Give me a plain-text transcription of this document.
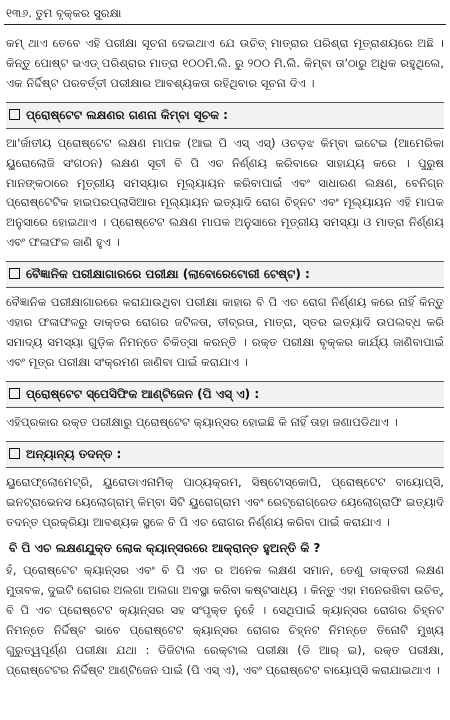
୧୩୬. ତୁମ ବୃକ୍କର ସୁରକ୍ଷା

କମ୍ ଥାଏ ତେବେ ଏହି ପରୀକ୍ଷା ସୂଚନା ଦେଇଥାଏ ଯେ ଉଚିତ୍ ମାତ୍ରାର ପରିଶ୍ରା ମୂତ୍ରାଶୟରେ ଅଛି । କିନ୍ତୁ ପୋଷ୍ଟ ଭଏଡ୍ ପରିଶ୍ରାର ମାତ୍ରା ୧୦୦ମି.ଲି. ରୁ ୨୦୦ ମି.ଲି. କିମ୍ବା ତା'ଠାରୁ ଅଧିକ ରହୁଥିଲେ, ଏକ ନିର୍ଦ୍ଦିଷ୍ଟ ପରବର୍ତ୍ତୀ ପରୀକ୍ଷାର ଆବଶ୍ୟକତା ରହିଥିବାର ସୂଚନା ଦିଏ ।

ପ୍ରୋଷ୍ଟେଟ ଲକ୍ଷଣର ଗଣନା କିମ୍ବା ସୂଚକ :

ଆ'ର୍ଜାତୀୟ ପ୍ରୋଷ୍ଟେଟ ଲକ୍ଷଣ ମାପକ (ଆଇ ପି ଏସ୍ ଏସ୍) ଓଚଡ଼ଝ କିମ୍ବା ଇଟେଇ (ଆମେରିକା ୟୁରୋଲୋଜି ସଂଗଠନ) ଲକ୍ଷଣ ସୂଚୀ ବି ପି ଏଚ ନିର୍ଣ୍ଣୟ କରିବାରେ ସାହାଯ୍ୟ କରେ । ପୁରୁଷ ମାନଙ୍କଠାରେ ମୂତ୍ରୀୟ ସମସ୍ୟାର ମୂଲ୍ୟାୟନ କରିବାପାଇଁ ଏବଂ ସାଧାରଣ ଲକ୍ଷଣ, ବେନିଗ୍ନ ପ୍ରୋଷ୍ଟେଟିକ ହାଇପରପ୍ଲାସିଆର ମୂଲ୍ୟାୟନ ଇତ୍ୟାଦି ରୋଗ ଚିହ୍ନଟ ଏବଂ ମୂଲ୍ୟାୟନ ଏହି ମାପକ ଅନୁସାରେ ହୋଇଥାଏ । ପ୍ରୋଷ୍ଟେଟ ଲକ୍ଷଣ ମାପକ ଅନୁସାରେ ମୂତ୍ରୀୟ ସମସ୍ୟା ଓ ମାତ୍ରା ନିର୍ଣ୍ଣୟ ଏବଂ ଫଳାଫଳ ଜାଣି ହୁଏ ।

ବୈଜ୍ଞାନିକ ପରୀକ୍ଷାଗାରରେ ପରୀକ୍ଷା (ଲାବୋରେଟୋରୀ ଟେଷ୍ଟ) :

ବୈଜ୍ଞାନିକ ପରୀକ୍ଷାଗାରରେ କରାଯାଉଥିବା ପରୀକ୍ଷା କାହାର ବି ପି ଏଚ ରୋଗ ନିର୍ଣ୍ଣୟ କରେ ନାହିଁ କିନ୍ତୁ ଏହାର ଫଳାଫଳରୁ ଡାକ୍ତର ରୋଗର ଜଟିଳତା, ତୀବ୍ରତା, ମାତ୍ରା, ସ୍ତର ଇତ୍ୟାଦି ଉପଲବ୍ଧ କରି ସମାଦ୍ୟ ସମସ୍ୟା ଗୁଡ଼ିକ ନିମନ୍ତେ ଚିକିତ୍ସା କରନ୍ତି । ରକ୍ତ ପରୀକ୍ଷା ବୃକ୍କର କାର୍ଯ୍ୟ ଜାଣିବାପାଇଁ ଏବଂ ମୂତ୍ର ପରୀକ୍ଷା ସଂକ୍ରମଣ ଜାଣିବା ପାଇଁ କରାଯାଏ ।

ପ୍ରୋଷ୍ଟେଟ ସ୍ପେସିଫିକ ଆଣ୍ଟିଜେନ (ପି ଏସ୍ ଏ) :

ଏହିପ୍ରକାର ରକ୍ତ ପରୀକ୍ଷାରୁ ପ୍ରୋଷ୍ଟେଟ କ୍ୟାନ୍ସର ହୋଇଛି କି ନାହିଁ ତାହା ଜଣାପଡିଥାଏ ।

ଅନ୍ୟାନ୍ୟ ତଦନ୍ତ :

ୟୁରୋଫ୍ଲୋମେଟ୍ରି, ୟୁରୋଡାଏନାମିକ୍ ପାଠ୍ୟକ୍ରମ, ସିଷ୍ଟୋସ୍କୋପି, ପ୍ରୋଷ୍ଟେଟ ବାୟୋପ୍ସି, ଇନଟ୍ରାଭେନସ ୟେଲୋଗ୍ରାମ୍ କିମ୍ବା ସିଟି ୟୁରୋଗ୍ରାମ ଏବଂ ରେଟ୍ରୋଗ୍ରେଡ ୟେଲୋଗ୍ରାଫି ଇତ୍ୟାଦି ତଦନ୍ତ ପ୍ରକ୍ରିୟା ଆବଶ୍ୟକ ସ୍ଥଳେ ବି ପି ଏଚ ରୋଗର ନିର୍ଣ୍ଣୟ କରିବା ପାଇଁ କରାଯାଏ ।

ବି ପି ଏଚ ଲକ୍ଷଣଯୁକ୍ତ ଲୋକ କ୍ୟାନ୍ସରରେ ଆକ୍ରାନ୍ତ ହୁଅନ୍ତି କି ?

ହଁ, ପ୍ରୋଷ୍ଟେଟ କ୍ୟାନ୍ସର ଏବଂ ବି ପି ଏଚ ର ଅନେକ ଲକ୍ଷଣ ସମାନ, ତେଣୁ ଡାକ୍ତରୀ ଲକ୍ଷଣ ମୁତାବକ, ଦୁଇଟି ରୋଗର ଅଲଗା ଅଲଗା ଅବସ୍ଥା କରିବା କଷ୍ଟସାଧ୍ୟ । କିନ୍ତୁ ଏହା ମନେରଖିବା ଉଚିତ୍, ବି ପି ଏଚ ପ୍ରୋଷ୍ଟେଟ କ୍ୟାନ୍ସର ସହ ସଂପୃକ୍ତ ନୁହେଁ । ସେଥିପାଇଁ କ୍ୟାନ୍ସର ରୋଗର ଚିହ୍ନଟ ନିମନ୍ତେ ନିର୍ଦ୍ଦିଷ୍ଟ ଭାବେ ପ୍ରୋଷ୍ଟେଟ କ୍ୟାନ୍ସର ରୋଗର ଚିହ୍ନଟ ନିମନ୍ତେ ତିନୋଟି ମୁଖ୍ୟ ଗୁରୁତ୍ୱପୂର୍ଣ୍ଣ ପରୀକ୍ଷା ଯଥା : ଡିଜିଟାଲ ରେକ୍ଟାଲ ପରୀକ୍ଷା (ଡି ଆର୍ ଇ), ରକ୍ତ ପରୀକ୍ଷା, ପ୍ରୋଷ୍ଟେଟର ନିର୍ଦ୍ଦିଷ୍ଟ ଆଣ୍ଟିଜେନ ପାଇଁ (ପି ଏସ୍ ଏ), ଏବଂ ପ୍ରୋଷ୍ଟେଟ ବାୟୋପ୍ସି କରାଯାଇଥାଏ ।
